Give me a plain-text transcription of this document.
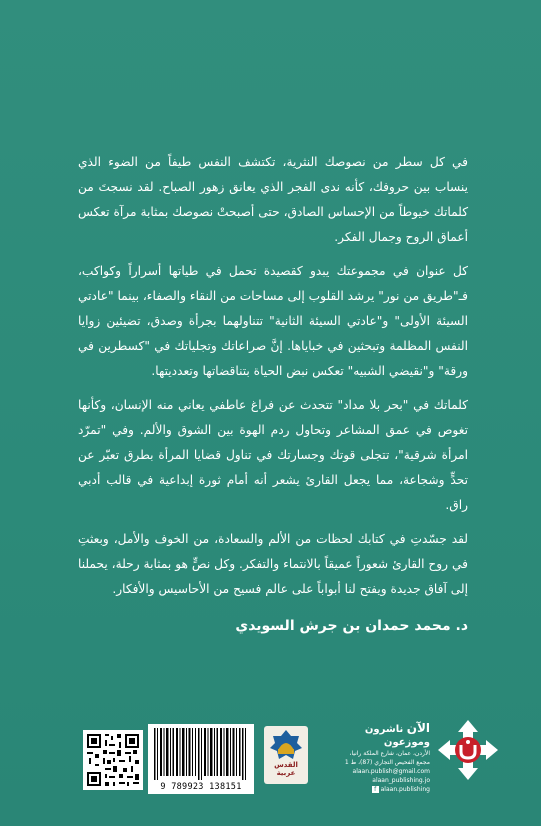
في كل سطر من نصوصك النثرية، تكتشف النفس طيفاً من الضوء الذي ينساب بين حروفك، كأنه ندى الفجر الذي يعانق زهور الصباح. لقد نسجتَ من كلماتك خيوطاً من الإحساس الصادق، حتى أصبحتْ نصوصك بمثابة مرآة تعكس أعماق الروح وجمال الفكر.

كل عنوان في مجموعتك يبدو كقصيدة تحمل في طياتها أسراراً وكواكب، فـ"طريق من نور" يرشد القلوب إلى مساحات من النقاء والصفاء، بينما "عادتي السيئة الأولى" و"عادتي السيئة الثانية" تتناولهما بجرأة وصدق، تضيئين زوايا النفس المظلمة وتبحثين في خباياها. إنَّ صراعاتك وتجلياتك في "كسطرين في ورقة" و"نقيضي الشبيه" تعكس نبض الحياة بتناقضاتها وتعدديتها.

كلماتك في "بحر بلا مداد" تتحدث عن فراغ عاطفي يعاني منه الإنسان، وكأنها تغوص في عمق المشاعر وتحاول ردم الهوة بين الشوق والألم. وفي "تمرّد امرأة شرقية"، تتجلى قوتك وجسارتك في تناول قضايا المرأة بطرق تعبّر عن تحدٍّ وشجاعة، مما يجعل القارئ يشعر أنه أمام ثورة إبداعية في قالب أدبي راق.

لقد جسّدتِ في كتابك لحظات من الألم والسعادة، من الخوف والأمل، وبعثتِ في روح القارئ شعوراً عميقاً بالانتماء والتفكر. وكل نصٍّ هو بمثابة رحلة، يحملنا إلى آفاق جديدة ويفتح لنا أبواباً على عالم فسيح من الأحاسيس والأفكار.

د. محمد حمدان بن جرش السويدي
الآن ناشرون وموزعون
الأردن، عمان، شارع الملكة رانيا،
مجمع الفحيص التجاري (87)، ط 1
alaan.publish@gmail.com
alaan_publishing.jo
f alaan.publishing
القدس عربية
9 789923 138151
